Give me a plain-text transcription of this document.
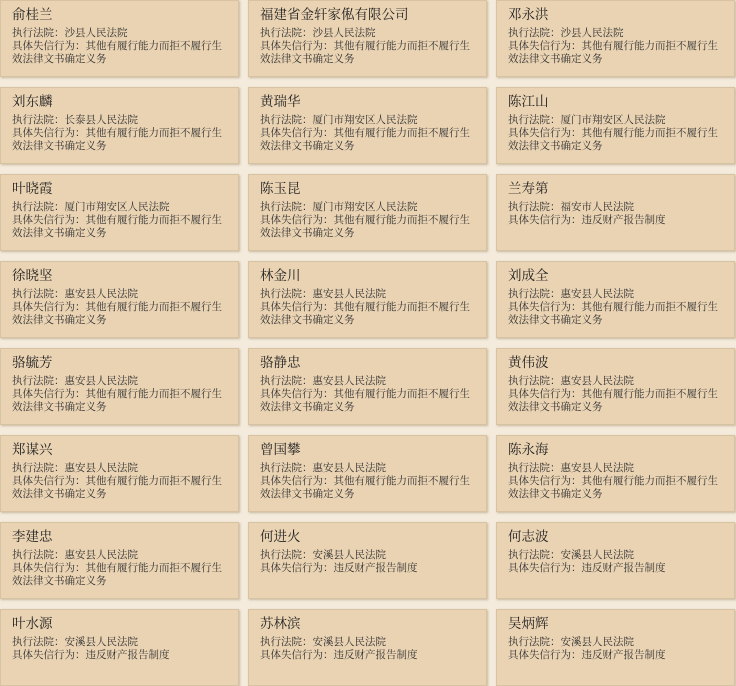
俞桂兰
执行法院：沙县人民法院
具体失信行为：其他有履行能力而拒不履行生效法律文书确定义务
福建省金轩家俬有限公司
执行法院：沙县人民法院
具体失信行为：其他有履行能力而拒不履行生效法律文书确定义务
邓永洪
执行法院：沙县人民法院
具体失信行为：其他有履行能力而拒不履行生效法律文书确定义务
刘东麟
执行法院：长泰县人民法院
具体失信行为：其他有履行能力而拒不履行生效法律文书确定义务
黄瑞华
执行法院：厦门市翔安区人民法院
具体失信行为：其他有履行能力而拒不履行生效法律文书确定义务
陈江山
执行法院：厦门市翔安区人民法院
具体失信行为：其他有履行能力而拒不履行生效法律文书确定义务
叶晓霞
执行法院：厦门市翔安区人民法院
具体失信行为：其他有履行能力而拒不履行生效法律文书确定义务
陈玉昆
执行法院：厦门市翔安区人民法院
具体失信行为：其他有履行能力而拒不履行生效法律文书确定义务
兰寿第
执行法院：福安市人民法院
具体失信行为：违反财产报告制度
徐晓坚
执行法院：惠安县人民法院
具体失信行为：其他有履行能力而拒不履行生效法律文书确定义务
林金川
执行法院：惠安县人民法院
具体失信行为：其他有履行能力而拒不履行生效法律文书确定义务
刘成全
执行法院：惠安县人民法院
具体失信行为：其他有履行能力而拒不履行生效法律文书确定义务
骆毓芳
执行法院：惠安县人民法院
具体失信行为：其他有履行能力而拒不履行生效法律文书确定义务
骆静忠
执行法院：惠安县人民法院
具体失信行为：其他有履行能力而拒不履行生效法律文书确定义务
黄伟波
执行法院：惠安县人民法院
具体失信行为：其他有履行能力而拒不履行生效法律文书确定义务
郑谋兴
执行法院：惠安县人民法院
具体失信行为：其他有履行能力而拒不履行生效法律文书确定义务
曾国攀
执行法院：惠安县人民法院
具体失信行为：其他有履行能力而拒不履行生效法律文书确定义务
陈永海
执行法院：惠安县人民法院
具体失信行为：其他有履行能力而拒不履行生效法律文书确定义务
李建忠
执行法院：惠安县人民法院
具体失信行为：其他有履行能力而拒不履行生效法律文书确定义务
何进火
执行法院：安溪县人民法院
具体失信行为：违反财产报告制度
何志波
执行法院：安溪县人民法院
具体失信行为：违反财产报告制度
叶水源
执行法院：安溪县人民法院
具体失信行为：违反财产报告制度
苏林滨
执行法院：安溪县人民法院
具体失信行为：违反财产报告制度
吴炳辉
执行法院：安溪县人民法院
具体失信行为：违反财产报告制度
